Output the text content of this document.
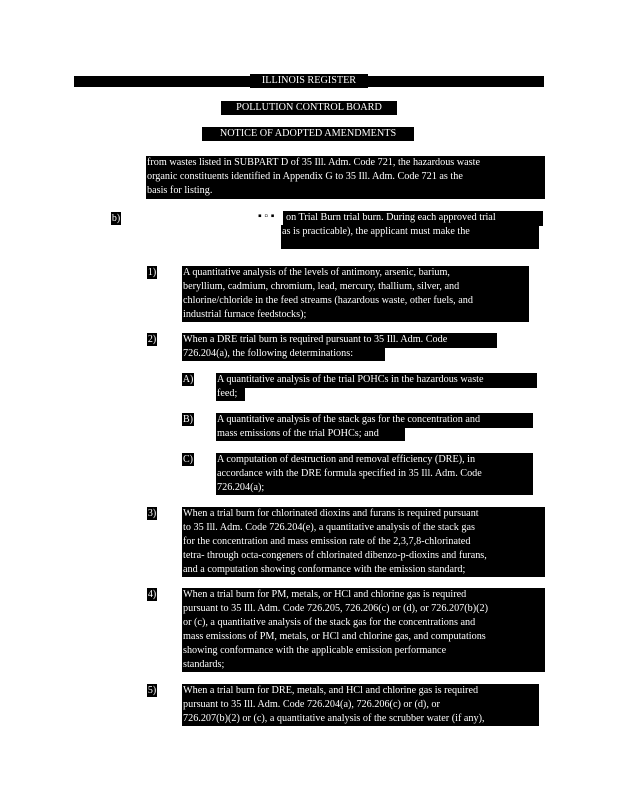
ILLINOIS REGISTER
POLLUTION CONTROL BOARD
NOTICE OF ADOPTED AMENDMENTS
from wastes listed in SUBPART D of 35 Ill. Adm. Code 721, the hazardous waste
organic constituents identified in Appendix G to 35 Ill. Adm. Code 721 as the
basis for listing.
b)	▪ ▫ ▪ on Trial Burn trial burn. During each approved trial
as is practicable), the applicant must make the
1)	A quantitative analysis of the levels of antimony, arsenic, barium,
beryllium, cadmium, chromium, lead, mercury, thallium, silver, and
chlorine/chloride in the feed streams (hazardous waste, other fuels, and
industrial furnace feedstocks);
2)	When a DRE trial burn is required pursuant to 35 Ill. Adm. Code
726.204(a), the following determinations:
A) A quantitative analysis of the trial POHCs in the hazardous waste
feed;
B) A quantitative analysis of the stack gas for the concentration and
mass emissions of the trial POHCs; and
C) A computation of destruction and removal efficiency (DRE), in
accordance with the DRE formula specified in 35 Ill. Adm. Code
726.204(a);
3)	When a trial burn for chlorinated dioxins and furans is required pursuant
to 35 Ill. Adm. Code 726.204(e), a quantitative analysis of the stack gas
for the concentration and mass emission rate of the 2,3,7,8-chlorinated
tetra- through octa-congeners of chlorinated dibenzo-p-dioxins and furans,
and a computation showing conformance with the emission standard;
4)	When a trial burn for PM, metals, or HCl and chlorine gas is required
pursuant to 35 Ill. Adm. Code 726.205, 726.206(c) or (d), or 726.207(b)(2)
or (c), a quantitative analysis of the stack gas for the concentrations and
mass emissions of PM, metals, or HCl and chlorine gas, and computations
showing conformance with the applicable emission performance
standards;
5)	When a trial burn for DRE, metals, and HCl and chlorine gas is required
pursuant to 35 Ill. Adm. Code 726.204(a), 726.206(c) or (d), or
726.207(b)(2) or (c), a quantitative analysis of the scrubber water (if any),
